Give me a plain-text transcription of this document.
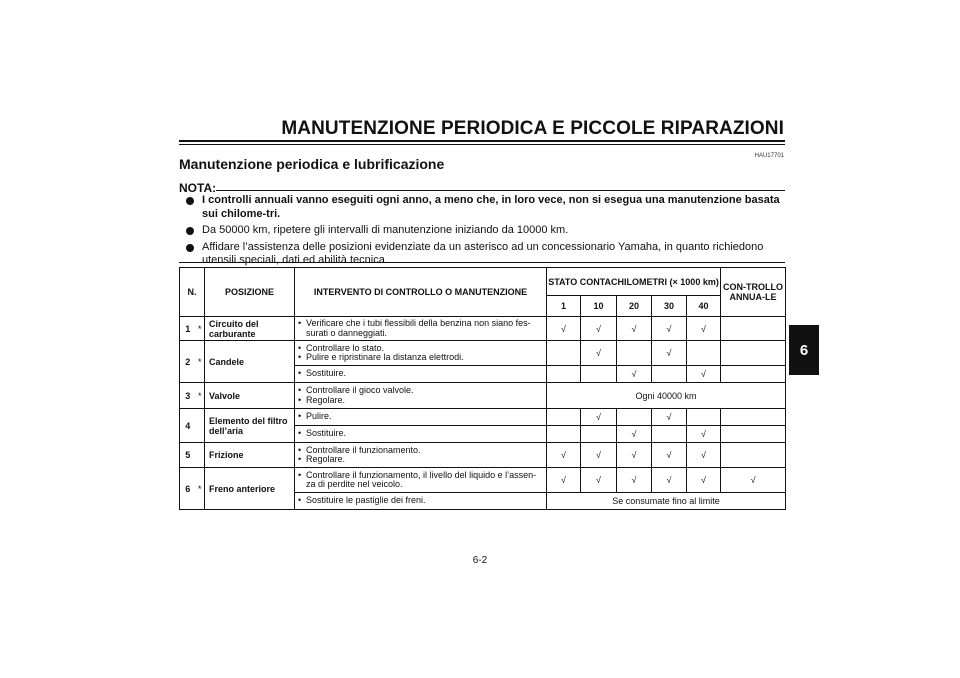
MANUTENZIONE PERIODICA E PICCOLE RIPARAZIONI
HAU17701
Manutenzione periodica e lubrificazione
NOTA:
I controlli annuali vanno eseguiti ogni anno, a meno che, in loro vece, non si esegua una manutenzione basata sui chilome-tri.
Da 50000 km, ripetere gli intervalli di manutenzione iniziando da 10000 km.
Affidare l’assistenza delle posizioni evidenziate da un asterisco ad un concessionario Yamaha, in quanto richiedono utensili speciali, dati ed abilità tecnica.
N.		POSIZIONE	INTERVENTO DI CONTROLLO O MANUTENZIONE	STATO CONTACHILOMETRI (× 1000 km)					CON-TROLLO ANNUA-LE
				1	10	20	30	40	
1	*	Circuito del carburante	• Verificare che i tubi flessibili della benzina non siano fes-surati o danneggiati.	√	√	√	√	√	
2	*	Candele	• Controllare lo stato.
• Pulire e ripristinare la distanza elettrodi.		√		√		

			• Sostituire.			√		√	
3	*	Valvole	• Controllare il gioco valvole.
• Regolare.	Ogni 40000 km					
4		Elemento del filtro dell’aria	• Pulire.		√		√		

			• Sostituire.			√		√	
5		Frizione	• Controllare il funzionamento.
• Regolare.	√	√	√	√	√	
6	*	Freno anteriore	• Controllare il funzionamento, il livello del liquido e l’assen-za di perdite nel veicolo.	√	√	√	√	√	√

			• Sostituire le pastiglie dei freni.	Se consumate fino al limite					
6
6-2
